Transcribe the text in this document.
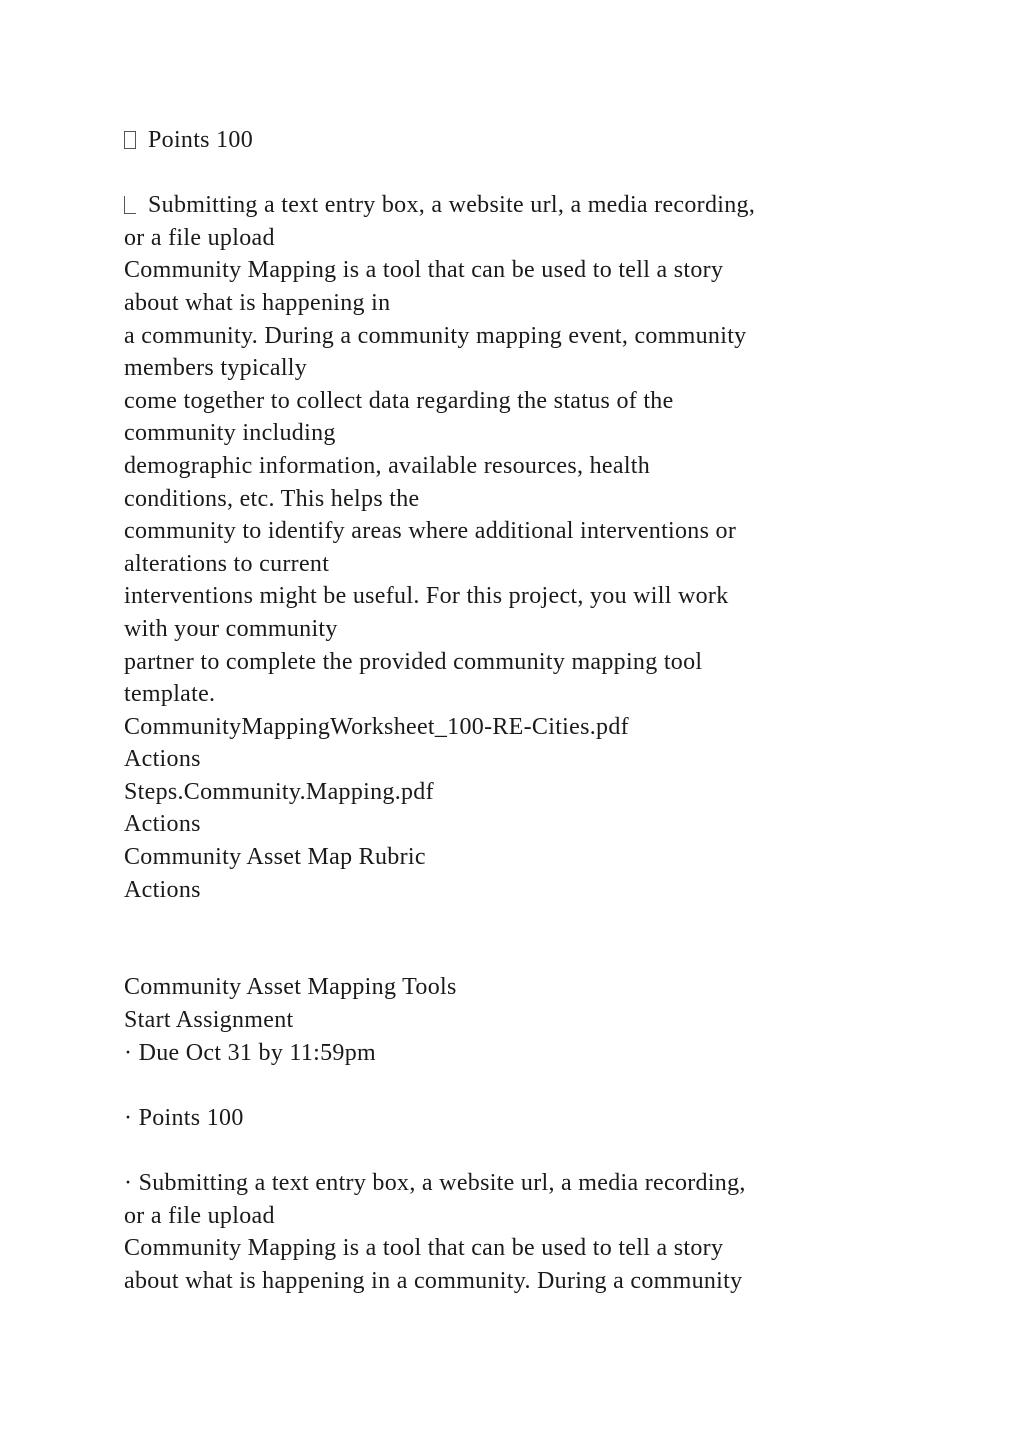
Points 100
Submitting a text entry box, a website url, a media recording,
or a file upload
Community Mapping is a tool that can be used to tell a story
about what is happening in
a community. During a community mapping event, community
members typically
come together to collect data regarding the status of the
community including
demographic information, available resources, health
conditions, etc. This helps the
community to identify areas where additional interventions or
alterations to current
interventions might be useful. For this project, you will work
with your community
partner to complete the provided community mapping tool
template.
CommunityMappingWorksheet_100-RE-Cities.pdf
Actions
Steps.Community.Mapping.pdf
Actions
Community Asset Map Rubric
Actions
Community Asset Mapping Tools
Start Assignment
· Due Oct 31 by 11:59pm
· Points 100
· Submitting a text entry box, a website url, a media recording,
or a file upload
Community Mapping is a tool that can be used to tell a story
about what is happening in a community. During a community
